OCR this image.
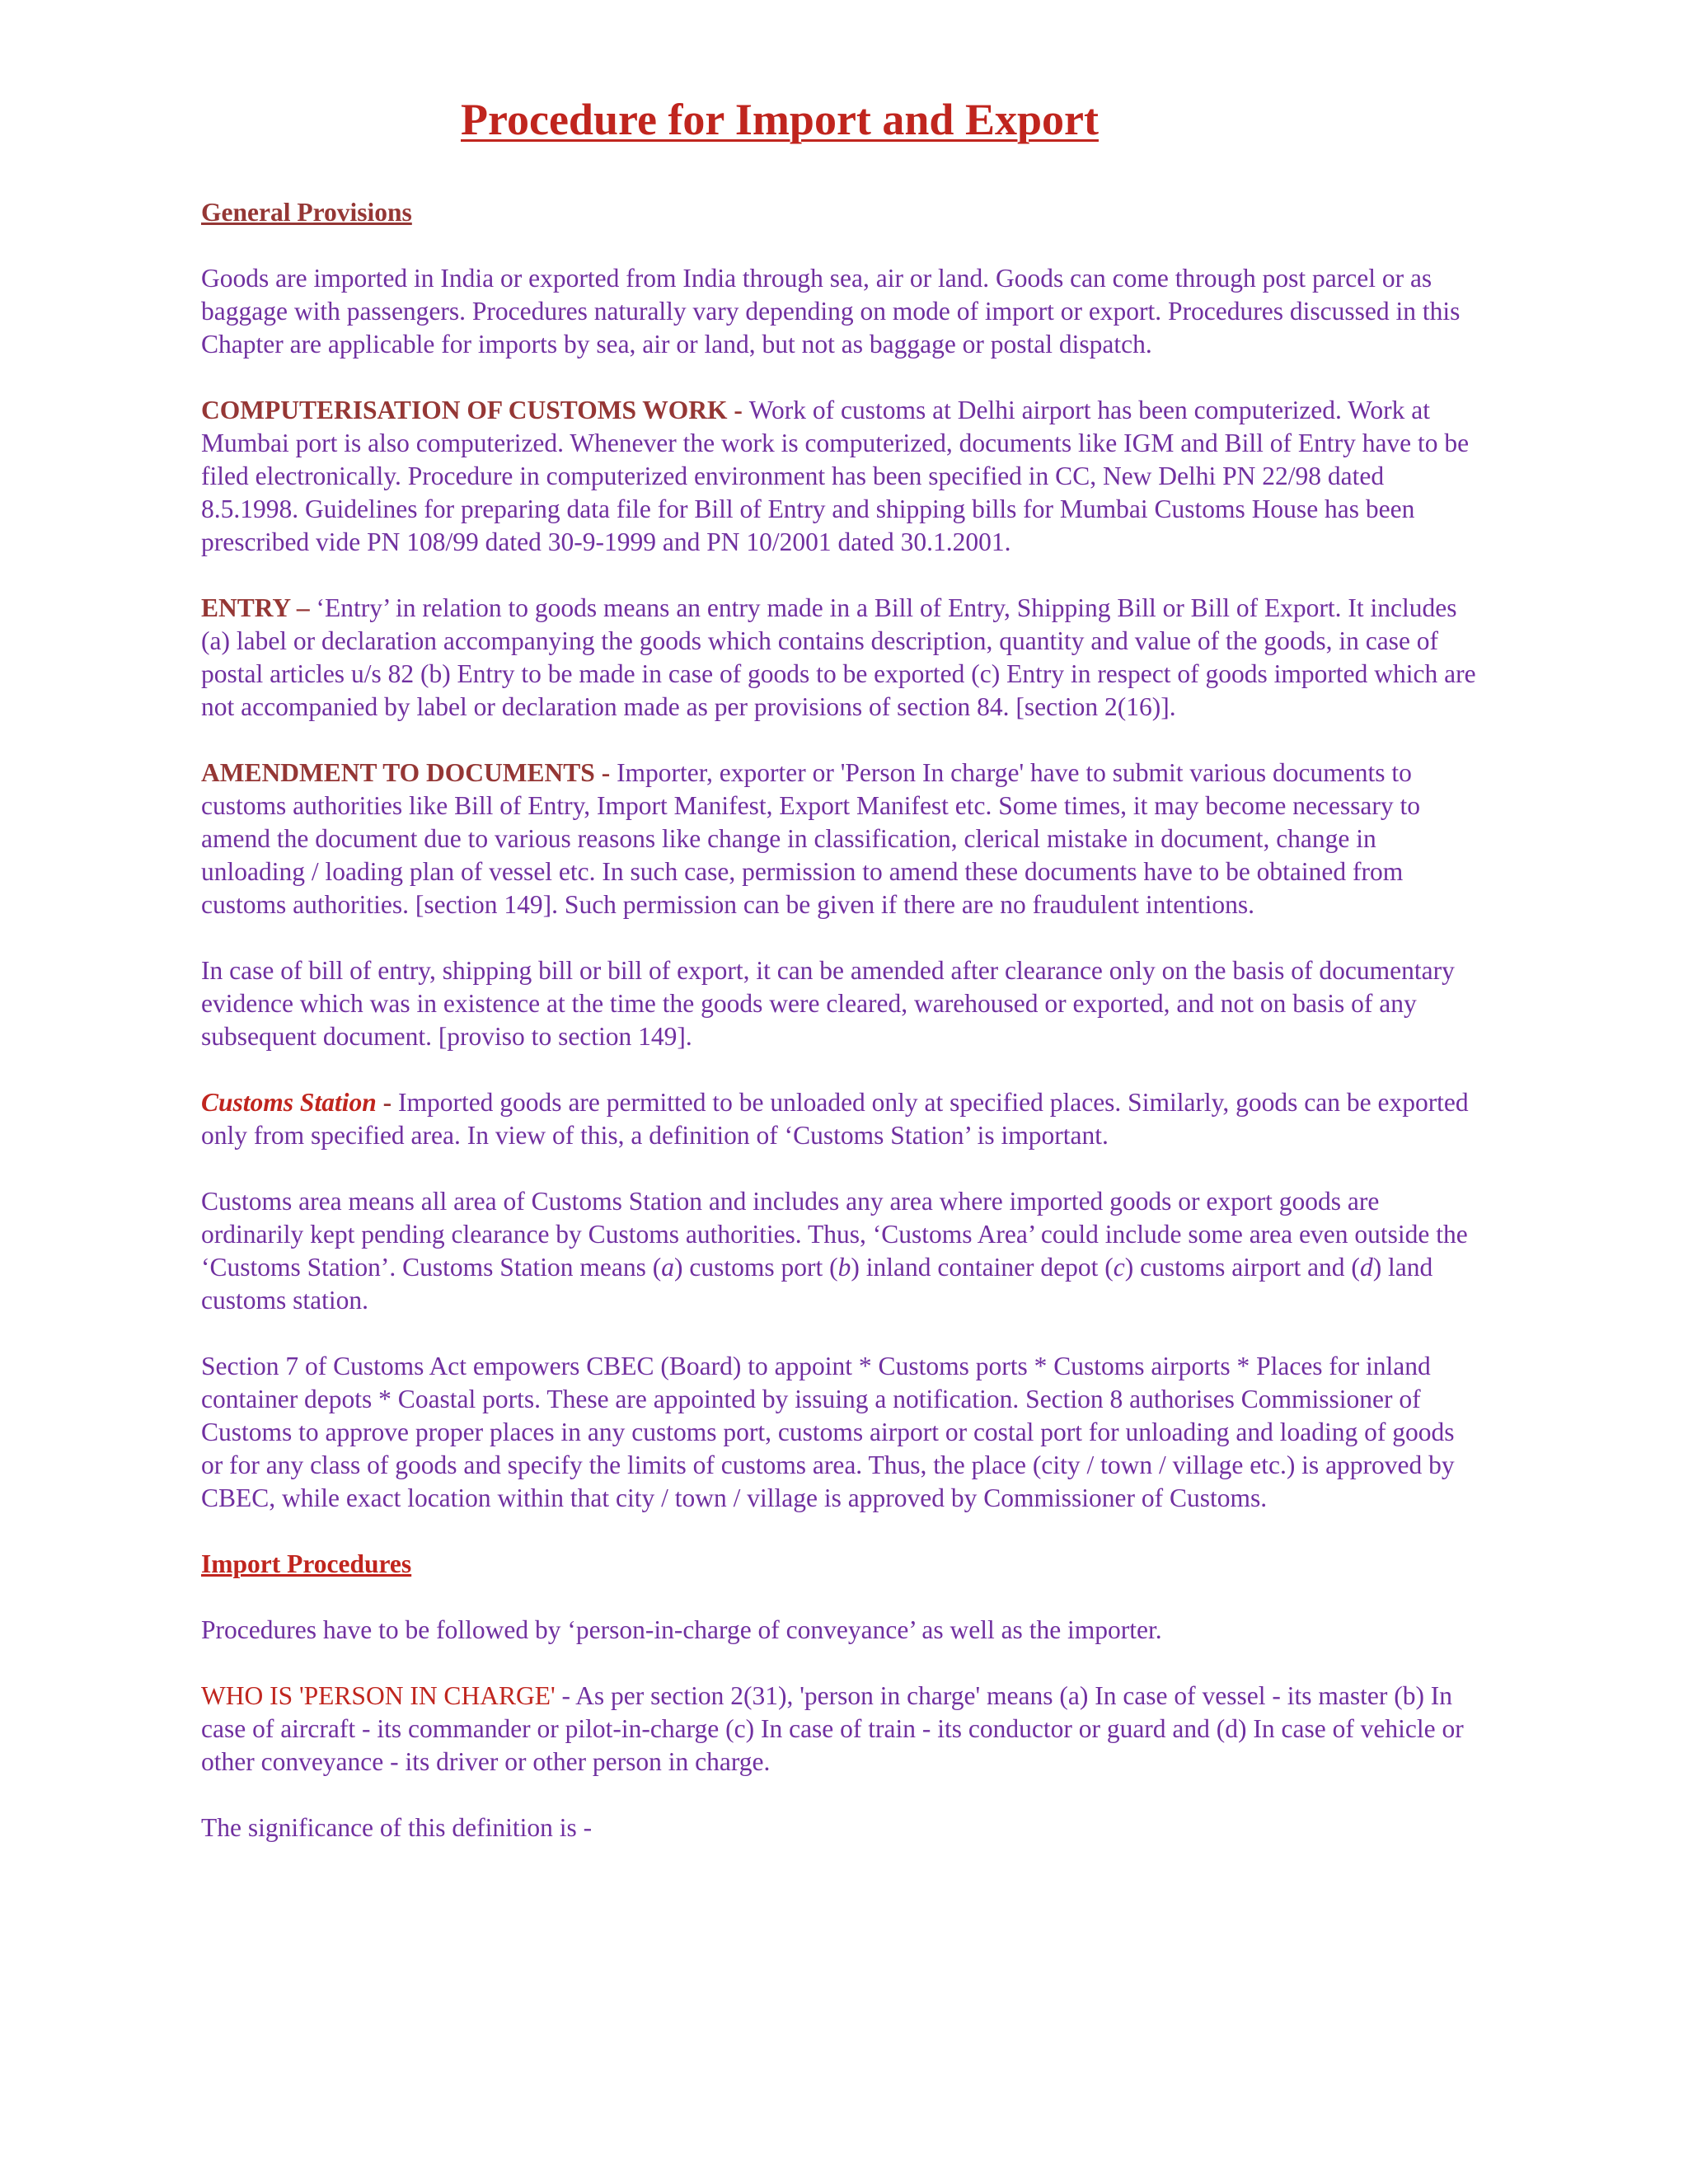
Procedure for Import and Export
General Provisions

Goods are imported in India or exported from India through sea, air or land. Goods can come through post parcel or as baggage with passengers. Procedures naturally vary depending on mode of import or export. Procedures discussed in this Chapter are applicable for imports by sea, air or land, but not as baggage or postal dispatch.

COMPUTERISATION OF CUSTOMS WORK - Work of customs at Delhi airport has been computerized. Work at Mumbai port is also computerized. Whenever the work is computerized, documents like IGM and Bill of Entry have to be filed electronically. Procedure in computerized environment has been specified in CC, New Delhi PN 22/98 dated 8.5.1998. Guidelines for preparing data file for Bill of Entry and shipping bills for Mumbai Customs House has been prescribed vide PN 108/99 dated 30-9-1999 and PN 10/2001 dated 30.1.2001.

ENTRY – ‘Entry’ in relation to goods means an entry made in a Bill of Entry, Shipping Bill or Bill of Export. It includes (a) label or declaration accompanying the goods which contains description, quantity and value of the goods, in case of postal articles u/s 82 (b) Entry to be made in case of goods to be exported (c) Entry in respect of goods imported which are not accompanied by label or declaration made as per provisions of section 84. [section 2(16)].

AMENDMENT TO DOCUMENTS - Importer, exporter or 'Person In charge' have to submit various documents to customs authorities like Bill of Entry, Import Manifest, Export Manifest etc. Some times, it may become necessary to amend the document due to various reasons like change in classification, clerical mistake in document, change in unloading / loading plan of vessel etc. In such case, permission to amend these documents have to be obtained from customs authorities. [section 149]. Such permission can be given if there are no fraudulent intentions.

In case of bill of entry, shipping bill or bill of export, it can be amended after clearance only on the basis of documentary evidence which was in existence at the time the goods were cleared, warehoused or exported, and not on basis of any subsequent document. [proviso to section 149].

Customs Station - Imported goods are permitted to be unloaded only at specified places. Similarly, goods can be exported only from specified area. In view of this, a definition of ‘Customs Station’ is important.

Customs area means all area of Customs Station and includes any area where imported goods or export goods are ordinarily kept pending clearance by Customs authorities. Thus, ‘Customs Area’ could include some area even outside the ‘Customs Station’. Customs Station means (a) customs port (b) inland container depot (c) customs airport and (d) land customs station.

Section 7 of Customs Act empowers CBEC (Board) to appoint * Customs ports * Customs airports * Places for inland container depots * Coastal ports. These are appointed by issuing a notification. Section 8 authorises Commissioner of Customs to approve proper places in any customs port, customs airport or costal port for unloading and loading of goods or for any class of goods and specify the limits of customs area. Thus, the place (city / town / village etc.) is approved by CBEC, while exact location within that city / town / village is approved by Commissioner of Customs.

Import Procedures

Procedures have to be followed by ‘person-in-charge of conveyance’ as well as the importer.

WHO IS 'PERSON IN CHARGE' - As per section 2(31), 'person in charge' means (a) In case of vessel - its master (b) In case of aircraft - its commander or pilot-in-charge (c) In case of train - its conductor or guard and (d) In case of vehicle or other conveyance - its driver or other person in charge.

The significance of this definition is -
